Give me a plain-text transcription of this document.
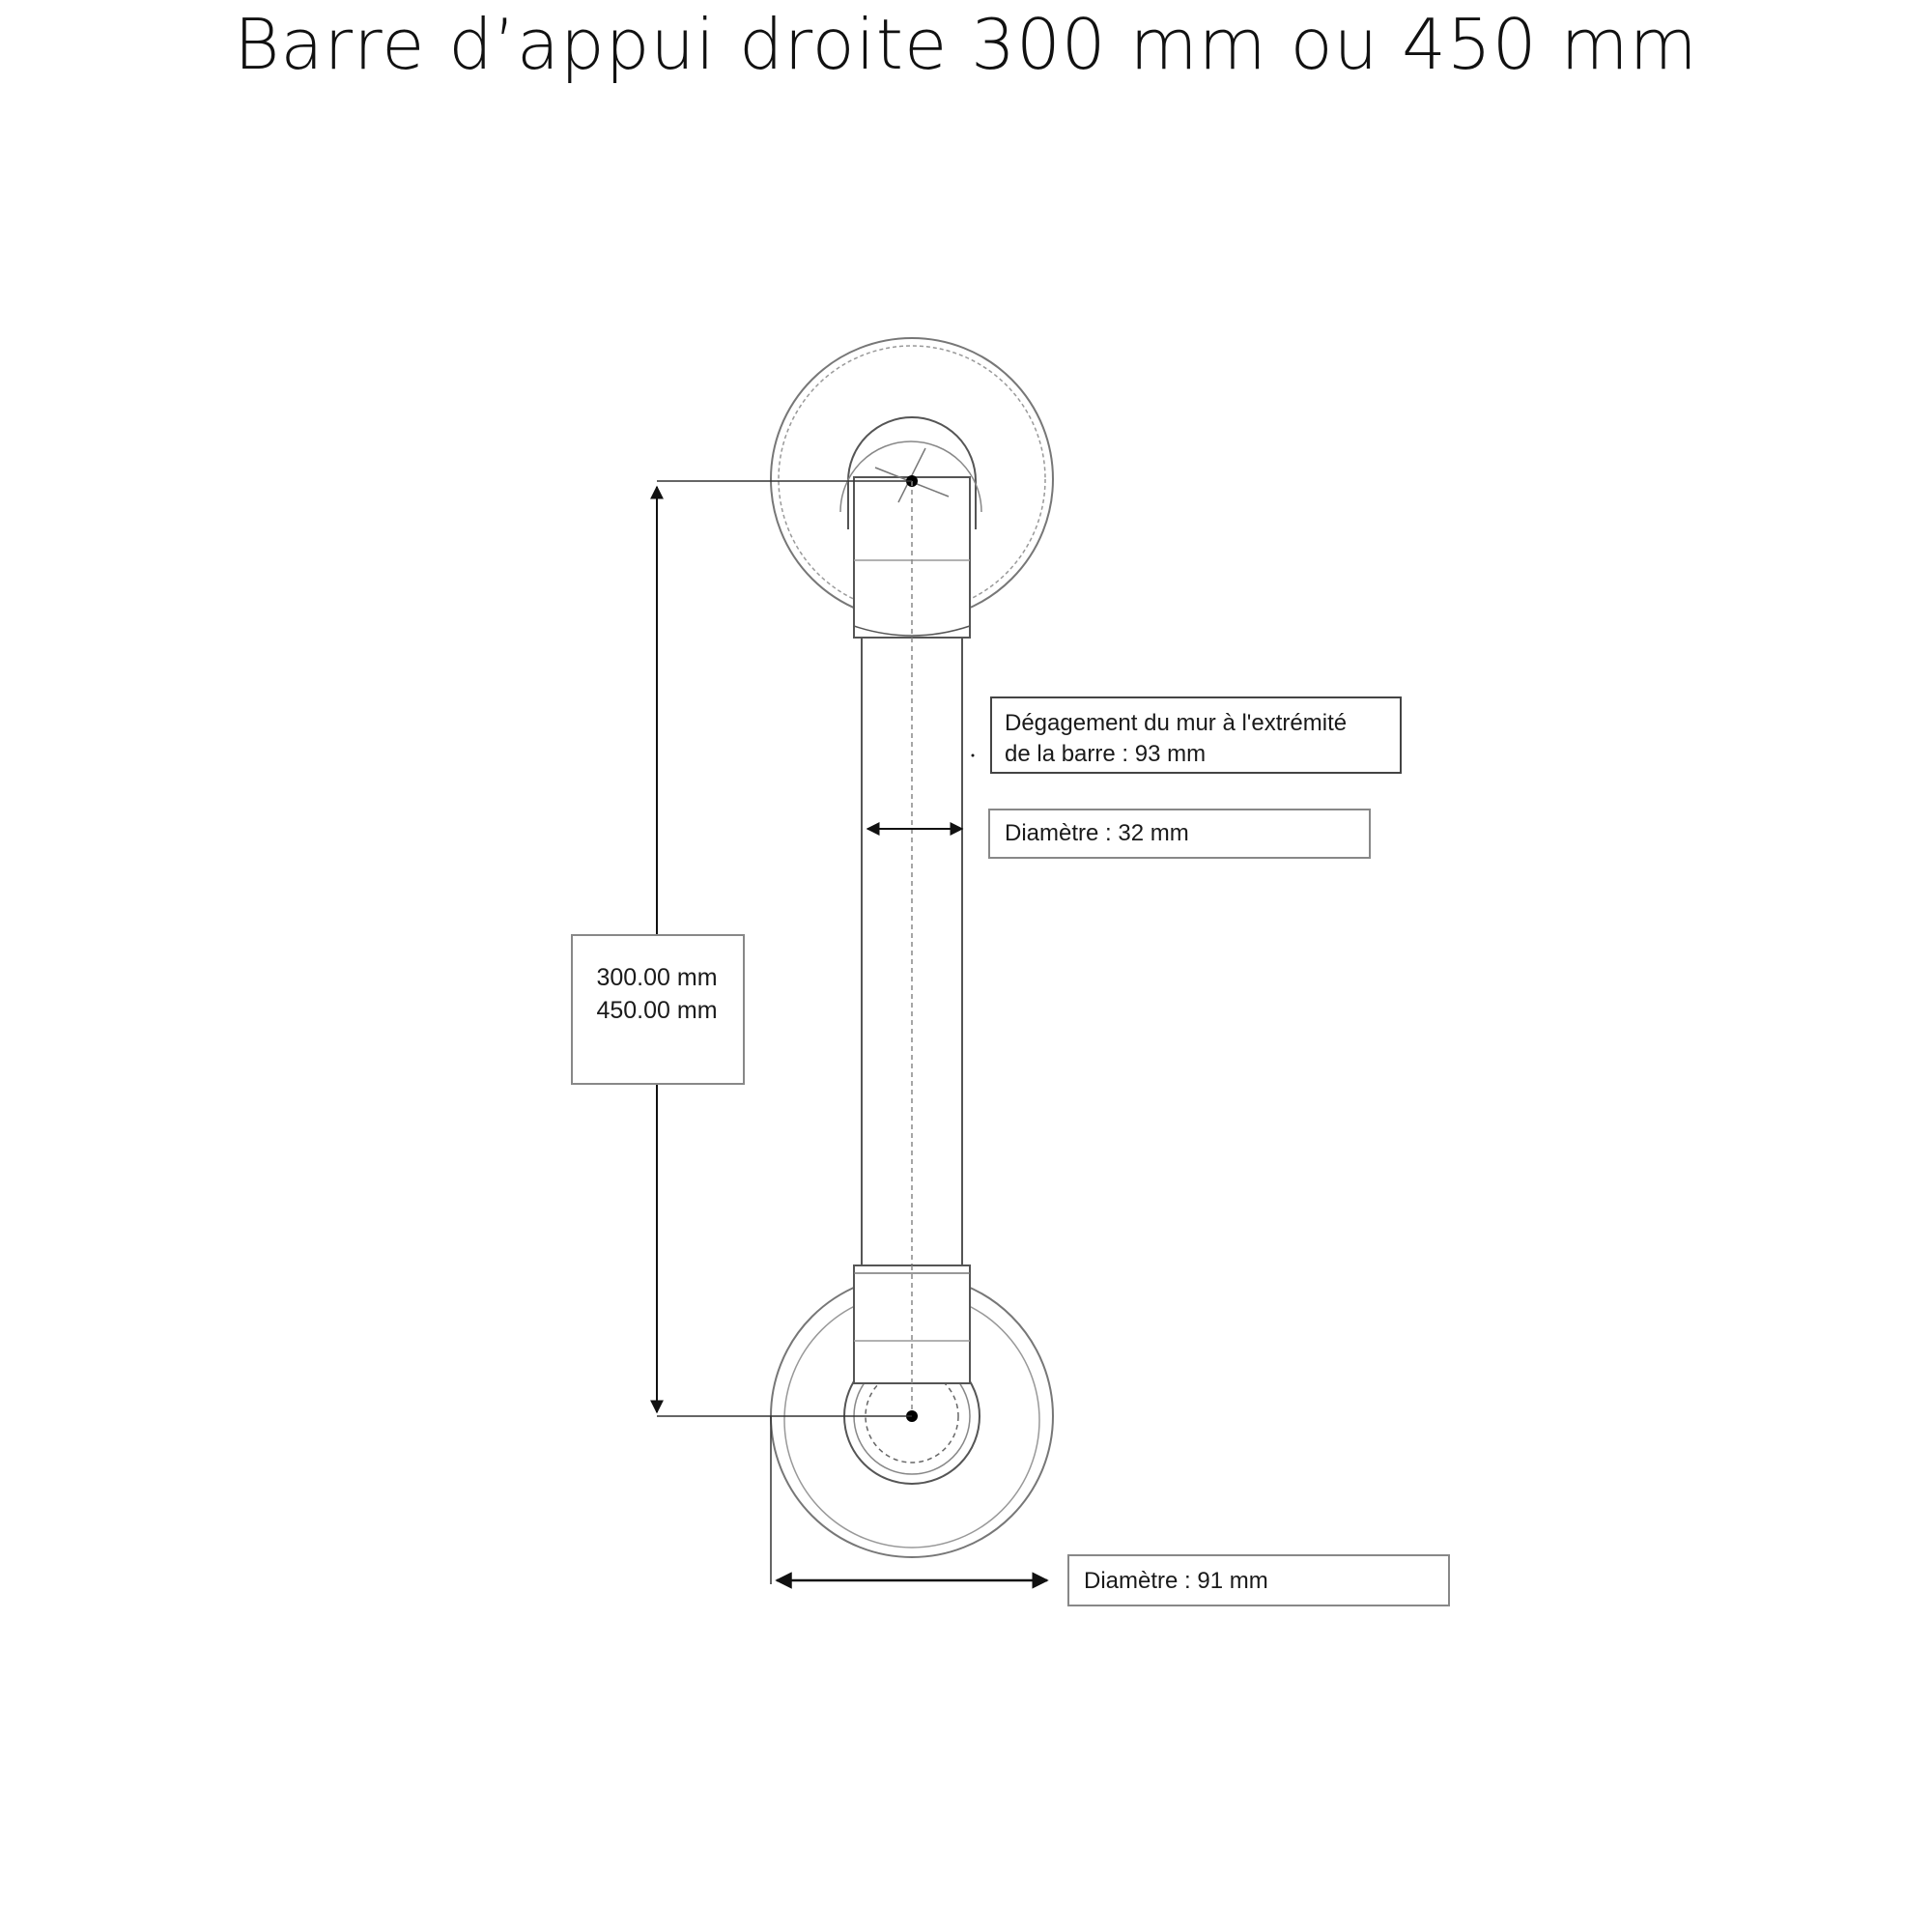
Barre d’appui droite 300 mm ou 450 mm
300.00 mm
450.00 mm
Dégagement du mur à l'extrémité
de la barre : 93 mm
Diamètre : 32 mm
Diamètre : 91 mm
